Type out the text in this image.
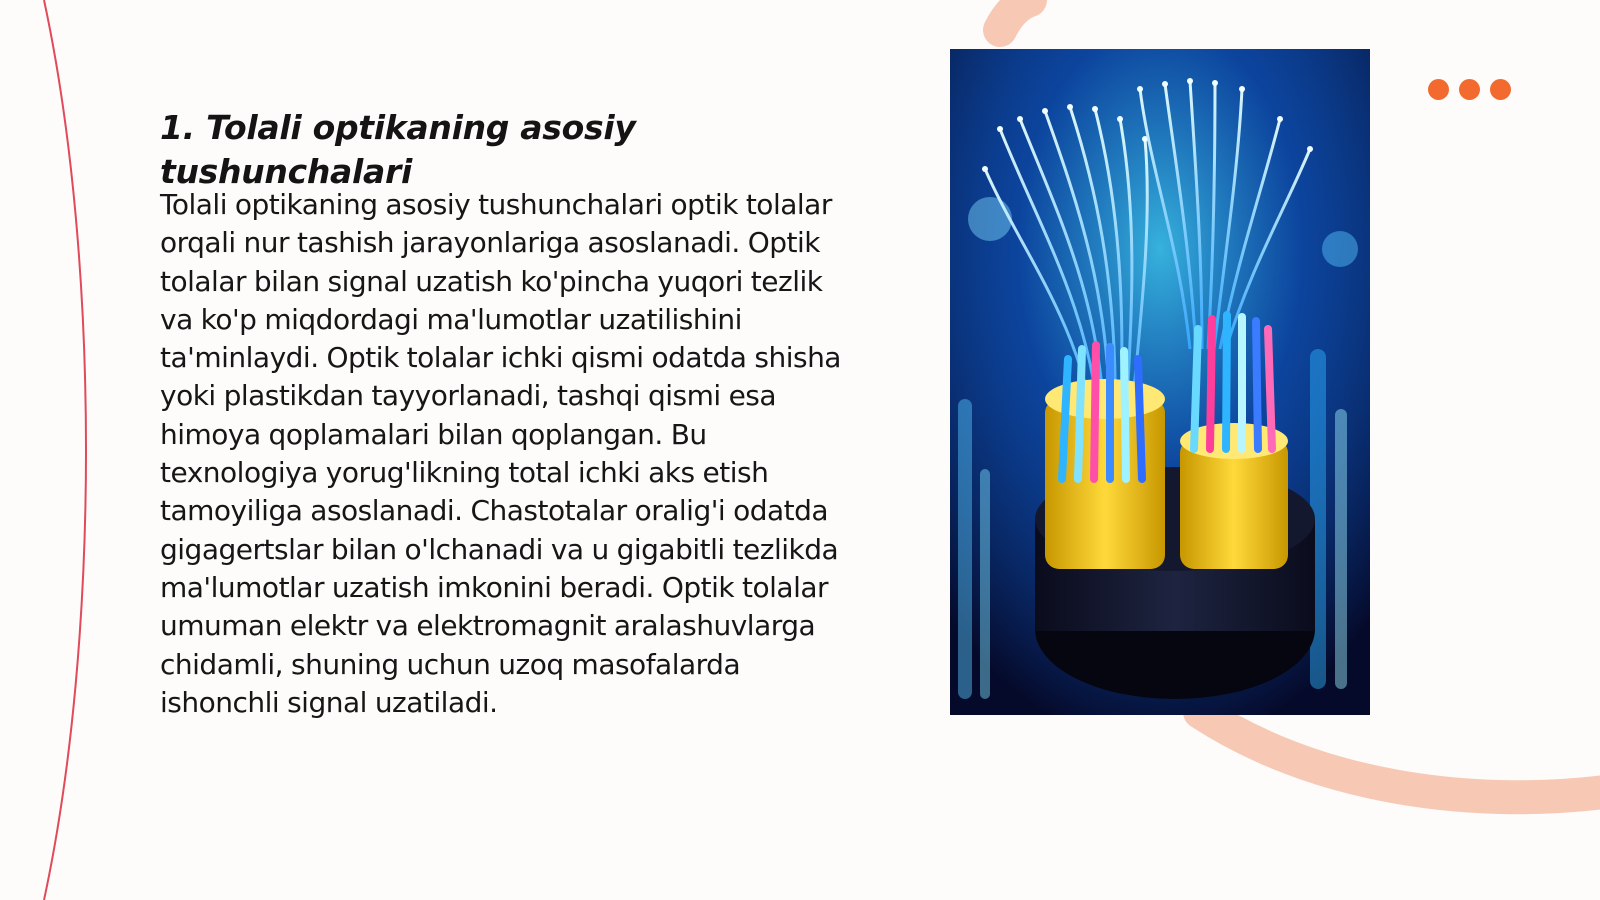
1. Tolali optikaning asosiy tushunchalari

Tolali optikaning asosiy tushunchalari optik tolalar orqali nur tashish jarayonlariga asoslanadi. Optik tolalar bilan signal uzatish ko'pincha yuqori tezlik va ko'p miqdordagi ma'lumotlar uzatilishini ta'minlaydi. Optik tolalar ichki qismi odatda shisha yoki plastikdan tayyorlanadi, tashqi qismi esa himoya qoplamalari bilan qoplangan. Bu texnologiya yorug'likning total ichki aks etish tamoyiliga asoslanadi. Chastotalar oralig'i odatda gigagertslar bilan o'lchanadi va u gigabitli tezlikda ma'lumotlar uzatish imkonini beradi. Optik tolalar umuman elektr va elektromagnit aralashuvlarga chidamli, shuning uchun uzoq masofalarda ishonchli signal uzatiladi.
